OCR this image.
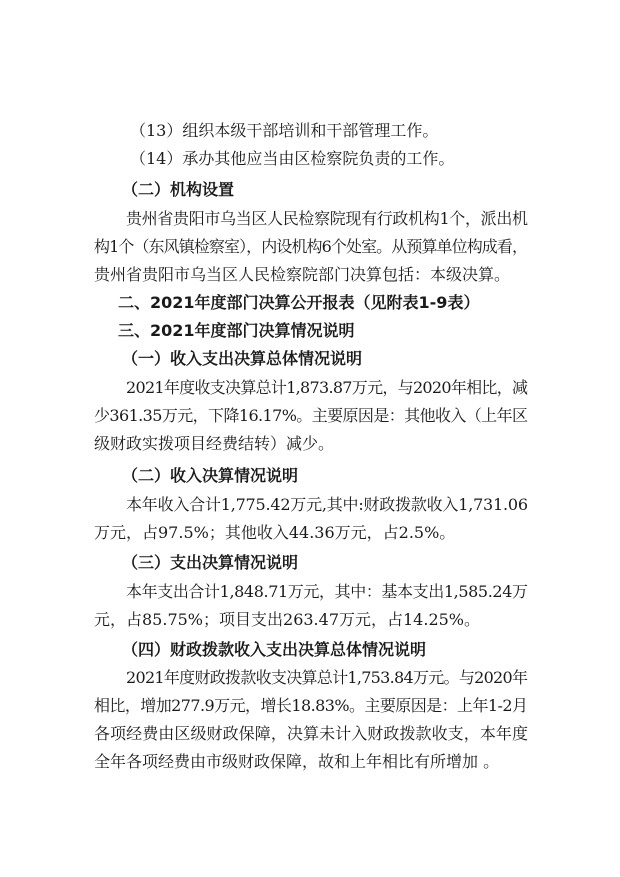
（13）组织本级干部培训和干部管理工作。
（14）承办其他应当由区检察院负责的工作。
（二）机构设置
贵州省贵阳市乌当区人民检察院现有行政机构1个，派出机
构1个（东风镇检察室），内设机构6个处室。从预算单位构成看，
贵州省贵阳市乌当区人民检察院部门决算包括：本级决算。
二、2021年度部门决算公开报表（见附表1-9表）
三、2021年度部门决算情况说明
（一）收入支出决算总体情况说明
2021年度收支决算总计1,873.87万元，与2020年相比，减
少361.35万元，下降16.17%。主要原因是：其他收入（上年区
级财政实拨项目经费结转）减少。
（二）收入决算情况说明
本年收入合计1,775.42万元,其中:财政拨款收入1,731.06
万元，占97.5%；其他收入44.36万元，占2.5%。
（三）支出决算情况说明
本年支出合计1,848.71万元，其中：基本支出1,585.24万
元，占85.75%；项目支出263.47万元，占14.25%。
（四）财政拨款收入支出决算总体情况说明
2021年度财政拨款收支决算总计1,753.84万元。与2020年
相比，增加277.9万元，增长18.83%。主要原因是：上年1-2月
各项经费由区级财政保障，决算未计入财政拨款收支，本年度
全年各项经费由市级财政保障，故和上年相比有所增加 。
